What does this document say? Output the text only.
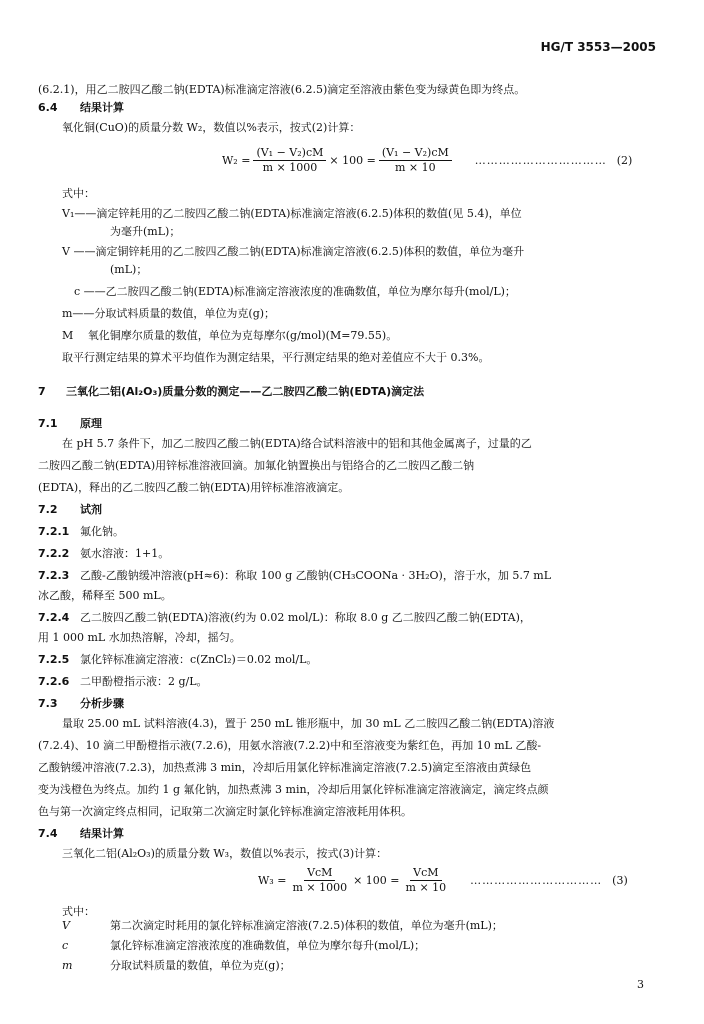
HG/T 3553—2005
(6.2.1)，用乙二胺四乙酸二钠(EDTA)标准滴定溶液(6.2.5)滴定至溶液由紫色变为绿黄色即为终点。
6.4 结果计算
氧化铜(CuO)的质量分数 W₂，数值以%表示，按式(2)计算：
$W_2 = \frac{\text{(V₁ − V₂)cM}}{m \times 1000} \times 100 = \frac{\text{(V₁ − V₂)cM}}{m \times 10}$ …………………………… (2)
式中：
V₁——滴定锌耗用的乙二胺四乙酸二钠(EDTA)标准滴定溶液(6.2.5)体积的数值(见 5.4)，单位
为毫升(mL)；
V ——滴定铜锌耗用的乙二胺四乙酸二钠(EDTA)标准滴定溶液(6.2.5)体积的数值，单位为毫升
(mL)；
c ——乙二胺四乙酸二钠(EDTA)标准滴定溶液浓度的准确数值，单位为摩尔每升(mol/L)；
m——分取试料质量的数值，单位为克(g)；
M　 氧化铜摩尔质量的数值，单位为克每摩尔(g/mol)(M=79.55)。
取平行测定结果的算术平均值作为测定结果，平行测定结果的绝对差值应不大于 0.3%。
7 三氧化二铝(Al₂O₃)质量分数的测定——乙二胺四乙酸二钠(EDTA)滴定法
7.1 原理
在 pH 5.7 条件下，加乙二胺四乙酸二钠(EDTA)络合试料溶液中的铝和其他金属离子，过量的乙
二胺四乙酸二钠(EDTA)用锌标准溶液回滴。加氟化钠置换出与铝络合的乙二胺四乙酸二钠
(EDTA)，释出的乙二胺四乙酸二钠(EDTA)用锌标准溶液滴定。
7.2 试剂
7.2.1 氟化钠。
7.2.2 氨水溶液：1+1。
7.2.3 乙酸-乙酸钠缓冲溶液(pH≈6)：称取 100 g 乙酸钠(CH₃COONa · 3H₂O)，溶于水，加 5.7 mL
冰乙酸，稀释至 500 mL。
7.2.4 乙二胺四乙酸二钠(EDTA)溶液(约为 0.02 mol/L)：称取 8.0 g 乙二胺四乙酸二钠(EDTA)，
用 1 000 mL 水加热溶解，冷却，摇匀。
7.2.5 氯化锌标准滴定溶液：c(ZnCl₂)＝0.02 mol/L。
7.2.6 二甲酚橙指示液：2 g/L。
7.3 分析步骤
量取 25.00 mL 试料溶液(4.3)，置于 250 mL 锥形瓶中，加 30 mL 乙二胺四乙酸二钠(EDTA)溶液
(7.2.4)、10 滴二甲酚橙指示液(7.2.6)，用氨水溶液(7.2.2)中和至溶液变为紫红色，再加 10 mL 乙酸-
乙酸钠缓冲溶液(7.2.3)，加热煮沸 3 min，冷却后用氯化锌标准滴定溶液(7.2.5)滴定至溶液由黄绿色
变为浅橙色为终点。加约 1 g 氟化钠，加热煮沸 3 min，冷却后用氯化锌标准滴定溶液滴定，滴定终点颜
色与第一次滴定终点相同，记取第二次滴定时氯化锌标准滴定溶液耗用体积。
7.4 结果计算
三氧化二铝(Al₂O₃)的质量分数 W₃，数值以%表示，按式(3)计算：
$W_3 = \frac{\text{VcM}}{m \times 1000} \times 100 = \frac{\text{VcM}}{m \times 10}$ …………………………… (3)
式中：
V	第二次滴定时耗用的氯化锌标准滴定溶液(7.2.5)体积的数值，单位为毫升(mL)；
c	氯化锌标准滴定溶液浓度的准确数值，单位为摩尔每升(mol/L)；
m	分取试料质量的数值，单位为克(g)；
3
